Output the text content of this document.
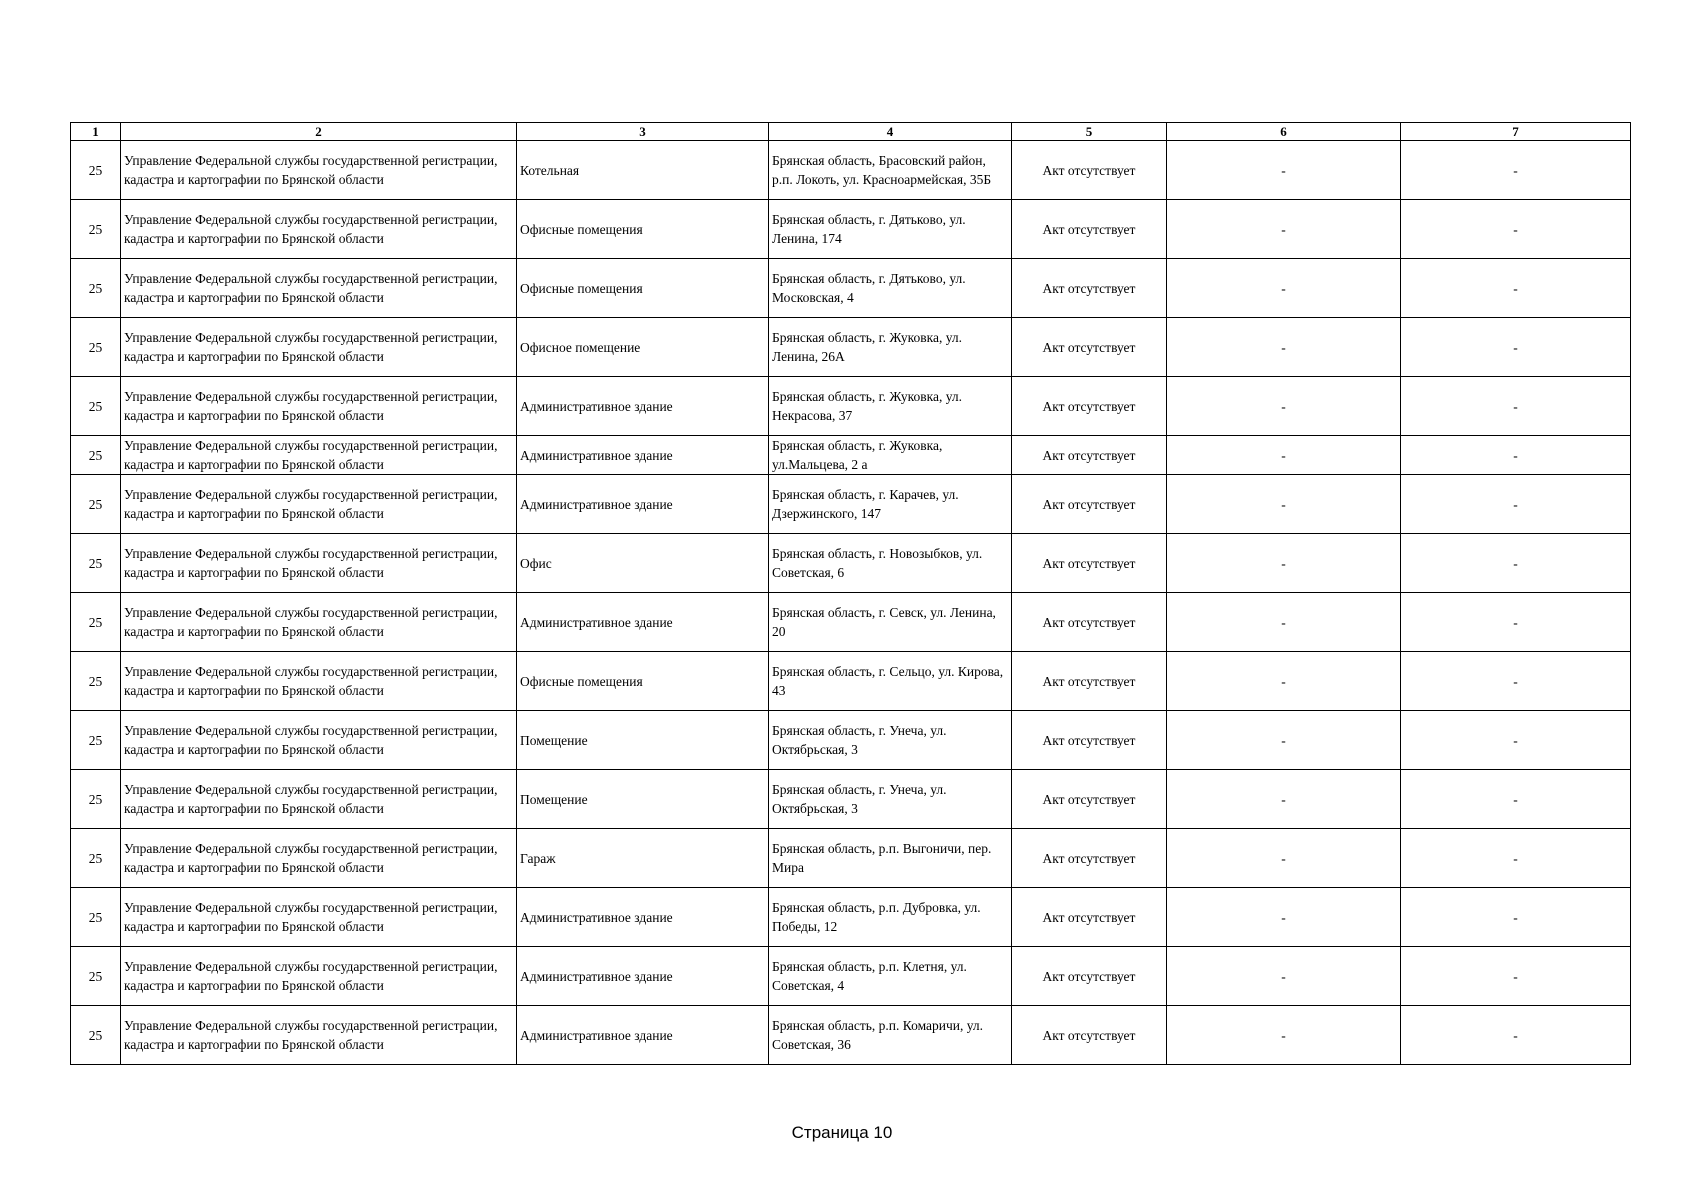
1	2	3	4	5	6	7
25	Управление Федеральной службы государственной регистрации, кадастра и картографии по Брянской области	Котельная	Брянская область, Брасовский район, р.п. Локоть, ул. Красноармейская, 35Б	Акт отсутствует	-	-
25	Управление Федеральной службы государственной регистрации, кадастра и картографии по Брянской области	Офисные помещения	Брянская область, г. Дятьково, ул. Ленина, 174	Акт отсутствует	-	-
25	Управление Федеральной службы государственной регистрации, кадастра и картографии по Брянской области	Офисные помещения	Брянская область, г. Дятьково, ул. Московская, 4	Акт отсутствует	-	-
25	Управление Федеральной службы государственной регистрации, кадастра и картографии по Брянской области	Офисное помещение	Брянская область, г. Жуковка, ул. Ленина, 26А	Акт отсутствует	-	-
25	Управление Федеральной службы государственной регистрации, кадастра и картографии по Брянской области	Административное здание	Брянская область, г. Жуковка, ул. Некрасова, 37	Акт отсутствует	-	-
25	Управление Федеральной службы государственной регистрации, кадастра и картографии по Брянской области	Административное здание	Брянская область, г. Жуковка, ул.Мальцева, 2 а	Акт отсутствует	-	-
25	Управление Федеральной службы государственной регистрации, кадастра и картографии по Брянской области	Административное здание	Брянская область, г. Карачев, ул. Дзержинского, 147	Акт отсутствует	-	-
25	Управление Федеральной службы государственной регистрации, кадастра и картографии по Брянской области	Офис	Брянская область, г. Новозыбков, ул. Советская, 6	Акт отсутствует	-	-
25	Управление Федеральной службы государственной регистрации, кадастра и картографии по Брянской области	Административное здание	Брянская область, г. Севск, ул. Ленина, 20	Акт отсутствует	-	-
25	Управление Федеральной службы государственной регистрации, кадастра и картографии по Брянской области	Офисные помещения	Брянская область, г. Сельцо, ул. Кирова, 43	Акт отсутствует	-	-
25	Управление Федеральной службы государственной регистрации, кадастра и картографии по Брянской области	Помещение	Брянская область, г. Унеча, ул. Октябрьская, 3	Акт отсутствует	-	-
25	Управление Федеральной службы государственной регистрации, кадастра и картографии по Брянской области	Помещение	Брянская область, г. Унеча, ул. Октябрьская, 3	Акт отсутствует	-	-
25	Управление Федеральной службы государственной регистрации, кадастра и картографии по Брянской области	Гараж	Брянская область, р.п. Выгоничи, пер. Мира	Акт отсутствует	-	-
25	Управление Федеральной службы государственной регистрации, кадастра и картографии по Брянской области	Административное здание	Брянская область, р.п. Дубровка, ул. Победы, 12	Акт отсутствует	-	-
25	Управление Федеральной службы государственной регистрации, кадастра и картографии по Брянской области	Административное здание	Брянская область, р.п. Клетня, ул. Советская, 4	Акт отсутствует	-	-
25	Управление Федеральной службы государственной регистрации, кадастра и картографии по Брянской области	Административное здание	Брянская область, р.п. Комаричи, ул. Советская, 36	Акт отсутствует	-	-
Страница 10
